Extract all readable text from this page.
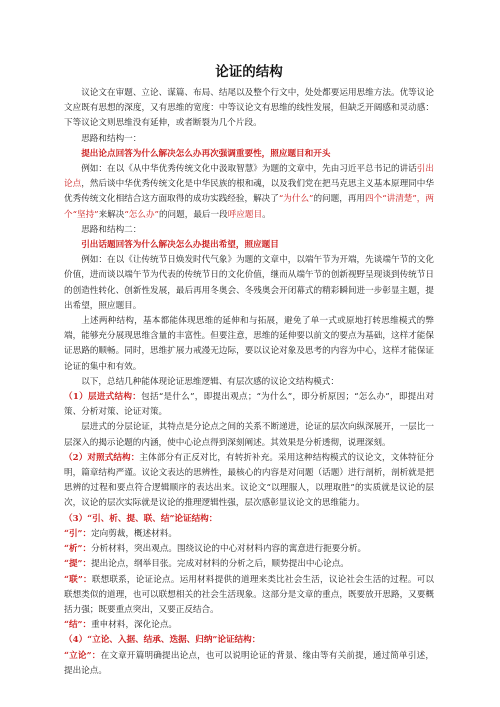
论证的结构

议论文在审题、立论、谋篇、布局、结尾以及整个行文中，处处都要运用思维方法。优等议论文应既有思想的深度，又有思维的宽度：中等议论文有思维的线性发展，但缺乏开阔感和灵动感：下等议论文则思维没有延伸，或者断裂为几个片段。

思路和结构一：

提出论点回答为什么解决怎么办再次强调重要性，照应题目和开头

例如：在以《从中华优秀传统文化中汲取智慧》为题的文章中，先由习近平总书记的讲话引出论点，然后谈中华优秀传统文化是中华民族的根和魂，以及我们党在把马克思主义基本原理同中华优秀传统文化相结合这方面取得的成功实践经验，解决了“为什么”的问题，再用四个“讲清楚”，两个“坚持”来解决“怎么办”的问题，最后一段呼应题目。

思路和结构二：

引出话题回答为什么解决怎么办提出希望，照应题目

例如：在以《让传统节日焕发时代气象》为题的文章中，以端午节为开端，先谈端午节的文化价值，进而谈以端午节为代表的传统节日的文化价值，继而从端午节的创新视野呈现谈到传统节日的创造性转化、创新性发展，最后再用冬奥会、冬残奥会开闭幕式的精彩瞬间进一步彰显主题，提出希望，照应题目。

上述两种结构，基本都能体现思维的延伸和与拓展，避免了单一式或原地打转思维模式的弊端，能够充分展现思维含量的丰富性。但要注意，思维的延伸要以前文的要点为基础，这样才能保证思路的顺畅。同时，思维扩展力戒漫无边际，要以议论对象及思考的内容为中心，这样才能保证论证的集中和有效。

以下，总结几种能体现论证思维逻辑、有层次感的议论文结构模式：

（1）层进式结构：包括“是什么”，即提出观点；“为什么”，即分析原因；“怎么办”，即提出对策、分析对策、论证对策。

层进式的分层论证，其特点是分论点之间的关系不断递进，论证的层次向纵深展开，一层比一层深入的揭示论题的内涵，使中心论点得到深刻阐述。其效果是分析透彻，说理深刻。

（2）对照式结构：主体部分有正反对比，有转折补充。采用这种结构模式的议论文，文体特征分明，篇章结构严谨。议论文表达的思辨性，最核心的内容是对问题（话题）进行剖析，剖析就是把思辨的过程和要点符合逻辑顺序的表达出来。议论文“以理服人，以理取胜”的实质就是议论的层次，议论的层次实际就是议论的推理逻辑性强，层次感彰显议论文的思维能力。

（3）“引、析、提、联、结”论证结构：

“引”：定向剪裁，概述材料。

“析”：分析材料，突出观点。围绕议论的中心对材料内容的寓意进行扼要分析。

“提”：提出论点，纲举目张。完成对材料的分析之后，顺势提出中心论点。

“联”：联想联系，论证论点。运用材料提供的道理来类比社会生活，议论社会生活的过程。可以联想类似的道理，也可以联想相关的社会生活现象。这部分是文章的重点，既要放开思路，又要概括力强；既要重点突出，又要正反结合。

“结”：重申材料，深化论点。

（4）“立论、入据、结承、迭据、归纳”论证结构：

“立论”：在文章开篇明确提出论点，也可以说明论证的背景、缘由等有关前提，通过简单引述，提出论点。
